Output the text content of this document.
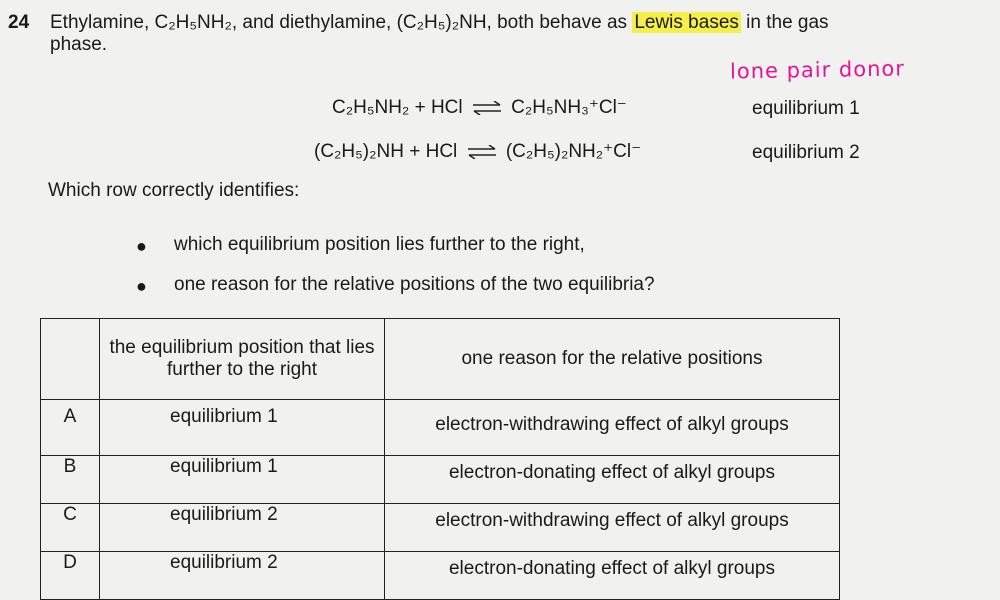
24 Ethylamine, C₂H₅NH₂, and diethylamine, (C₂H₅)₂NH, both behave as Lewis bases in the gas
phase.
lone pair donor
C₂H₅NH₂ + HCl ⇌ C₂H₅NH₃⁺Cl⁻	equilibrium 1
(C₂H₅)₂NH + HCl ⇌ (C₂H₅)₂NH₂⁺Cl⁻	equilibrium 2
Which row correctly identifies:
● which equilibrium position lies further to the right,
● one reason for the relative positions of the two equilibria?
	the equilibrium position that lies further to the right	one reason for the relative positions
A	equilibrium 1	electron-withdrawing effect of alkyl groups
B	equilibrium 1	electron-donating effect of alkyl groups
C	equilibrium 2	electron-withdrawing effect of alkyl groups
D	equilibrium 2	electron-donating effect of alkyl groups
